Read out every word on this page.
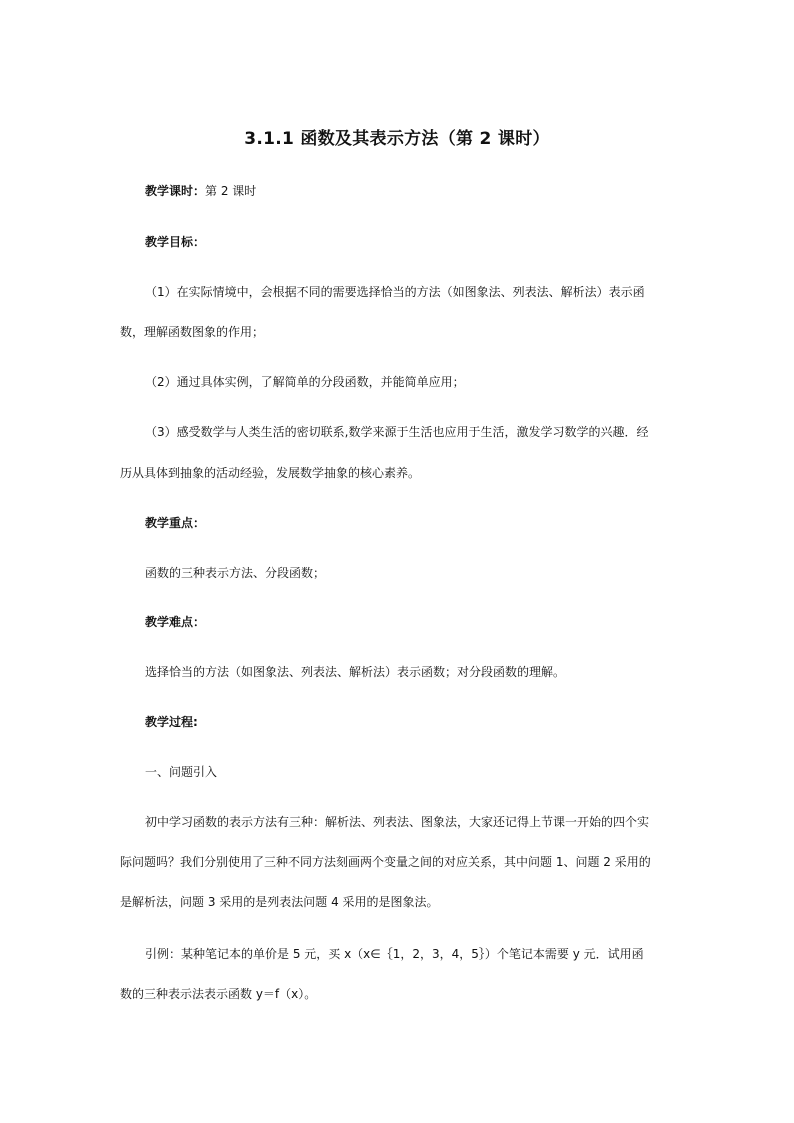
3.1.1 函数及其表示方法（第 2 课时）
教学课时：第 2 课时
教学目标：
（1）在实际情境中，会根据不同的需要选择恰当的方法（如图象法、列表法、解析法）表示函
数，理解函数图象的作用；
（2）通过具体实例，了解简单的分段函数，并能简单应用；
（3）感受数学与人类生活的密切联系,数学来源于生活也应用于生活，激发学习数学的兴趣．经
历从具体到抽象的活动经验，发展数学抽象的核心素养。
教学重点：
函数的三种表示方法、分段函数；
教学难点：
选择恰当的方法（如图象法、列表法、解析法）表示函数；对分段函数的理解。
教学过程:
一、问题引入
初中学习函数的表示方法有三种：解析法、列表法、图象法，大家还记得上节课一开始的四个实
际问题吗？我们分别使用了三种不同方法刻画两个变量之间的对应关系，其中问题 1、问题 2 采用的
是解析法，问题 3 采用的是列表法问题 4 采用的是图象法。
引例：某种笔记本的单价是 5 元，买 x（x∈｛1，2，3，4，5｝）个笔记本需要 y 元．试用函
数的三种表示法表示函数 y＝f（x）。
